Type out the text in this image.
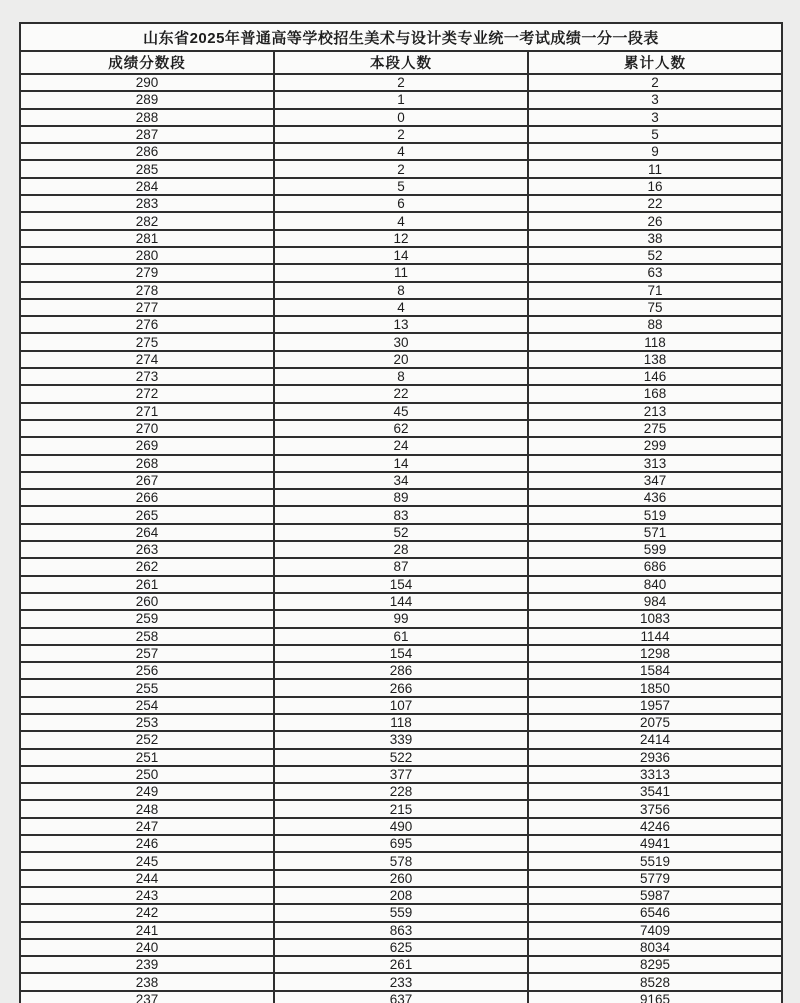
山东省2025年普通高等学校招生美术与设计类专业统一考试成绩一分一段表		
成绩分数段	本段人数	累计人数
290	2	2
289	1	3
288	0	3
287	2	5
286	4	9
285	2	11
284	5	16
283	6	22
282	4	26
281	12	38
280	14	52
279	11	63
278	8	71
277	4	75
276	13	88
275	30	118
274	20	138
273	8	146
272	22	168
271	45	213
270	62	275
269	24	299
268	14	313
267	34	347
266	89	436
265	83	519
264	52	571
263	28	599
262	87	686
261	154	840
260	144	984
259	99	1083
258	61	1144
257	154	1298
256	286	1584
255	266	1850
254	107	1957
253	118	2075
252	339	2414
251	522	2936
250	377	3313
249	228	3541
248	215	3756
247	490	4246
246	695	4941
245	578	5519
244	260	5779
243	208	5987
242	559	6546
241	863	7409
240	625	8034
239	261	8295
238	233	8528
237	637	9165
